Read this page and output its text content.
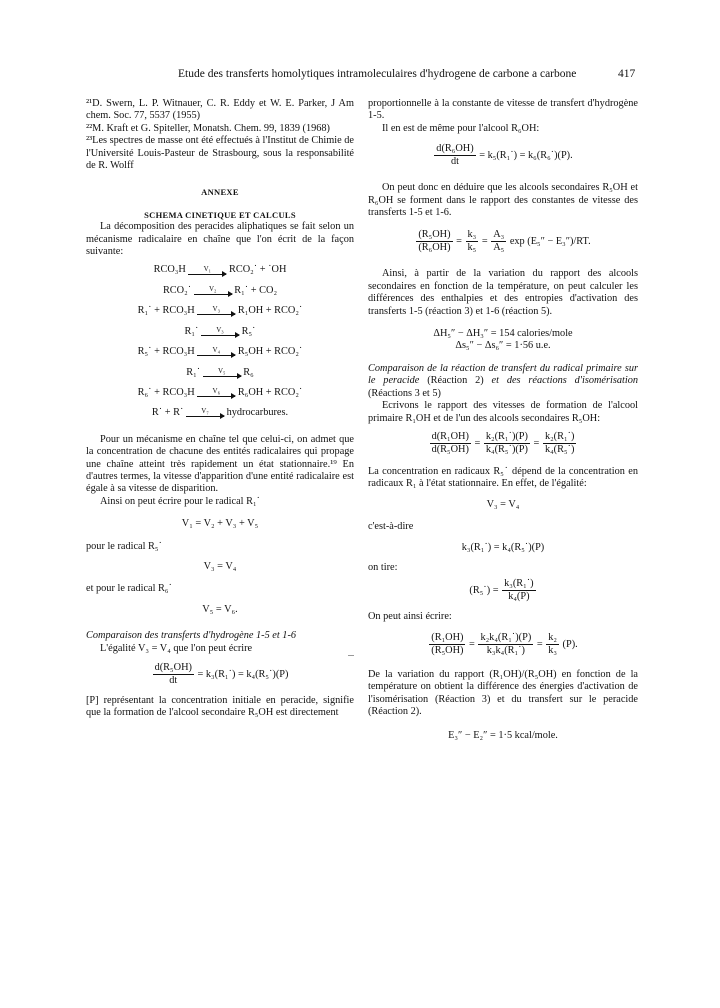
Etude des transferts homolytiques intramoleculaires d'hydrogene de carbone a carbone	417

²¹D. Swern, L. P. Witnauer, C. R. Eddy et W. E. Parker, J Am chem. Soc. 77, 5537 (1955)

²²M. Kraft et G. Spiteller, Monatsh. Chem. 99, 1839 (1968)

²³Les spectres de masse ont été effectués à l'Institut de Chimie de l'Université Louis-Pasteur de Strasbourg, sous la responsabilité de R. Wolff

ANNEXE

SCHEMA CINETIQUE ET CALCULS

La décomposition des peracides aliphatiques se fait selon un mécanisme radicalaire en chaîne que l'on écrit de la façon suivante:

RCO₃H	V₁	RCO₂˙ + ˙OH
RCO₂˙	V₂	R₁˙ + CO₂
R₁˙ + RCO₃H	V₃	R₁OH + RCO₂˙
R₁˙	V₃	R₅˙
R₅˙ + RCO₃H	V₄	R₅OH + RCO₂˙
R₁˙	V₅	R₆
R₆˙ + RCO₃H	V₆	R₆OH + RCO₂˙
R˙ + R˙	V₇	hydrocarbures.

Pour un mécanisme en chaîne tel que celui-ci, on admet que la concentration de chacune des entités radicalaires qui propage une chaîne atteint très rapidement un état stationnaire.¹⁹ En d'autres termes, la vitesse d'apparition d'une entité radicalaire est égale à sa vitesse de disparition.

Ainsi on peut écrire pour le radical R₁˙

V₁ = V₂ + V₃ + V₅

pour le radical R₅˙

V₃ = V₄

et pour le radical R₆˙

V₅ = V₆.

Comparaison des transferts d'hydrogène 1-5 et 1-6

L'égalité V₃ = V₄ que l'on peut écrire

$\frac{\text{d(R₅OH)}}{dt}$ = k₃(R₁˙) = k₄(R₅˙)(P)

[P] représentant la concentration initiale en peracide, signifie que la formation de l'alcool secondaire R₅OH est directement

proportionnelle à la constante de vitesse de transfert d'hydrogène 1-5.

Il en est de même pour l'alcool R₆OH:

$\frac{\text{d(R₆OH)}}{dt}$ = k₅(R₁˙) = k₆(R₆˙)(P).

On peut donc en déduire que les alcools secondaires R₅OH et R₆OH se forment dans le rapport des constantes de vitesse des transferts 1-5 et 1-6.

$\frac{\text{(R₅OH)}}{\text{(R₆OH)}} = \frac{\text{k₃}}{\text{k₅}} = \frac{\text{A₃}}{\text{A₅}}$ exp (E₅″ − E₃″)/RT.

Ainsi, à partir de la variation du rapport des alcools secondaires en fonction de la température, on peut calculer les différences des enthalpies et des entropies d'activation des transferts 1-5 (réaction 3) et 1-6 (réaction 5).

ΔH₅″ − ΔH₃″ = 154 calories/mole

Δs₅″ − Δs₆″ = 1·56 u.e.

Comparaison de la réaction de transfert du radical primaire sur le peracide (Réaction 2) et des réactions d'isomérisation (Réactions 3 et 5)

Ecrivons le rapport des vitesses de formation de l'alcool primaire R₁OH et de l'un des alcools secondaires R₅OH:

$\frac{\text{d(R₁OH)}}{\text{d(R₅OH)}} = \frac{\text{k₂(R₁˙)(P)}}{\text{k₄(R₅˙)(P)}} = \frac{\text{k₂(R₁˙)}}{\text{k₄(R₅˙)}}$

La concentration en radicaux R₅˙ dépend de la concentration en radicaux R₁ à l'état stationnaire. En effet, de l'égalité:

V₃ = V₄

c'est-à-dire

k₃(R₁˙) = k₄(R₅˙)(P)

on tire:

(R₅˙) = $\frac{\text{k₃(R₁˙)}}{\text{k₄(P)}}$

On peut ainsi écrire:

$\frac{\text{(R₁OH)}}{\text{(R₅OH)}} = \frac{\text{k₂k₄(R₁˙)(P)}}{\text{k₃k₄(R₁˙)}} = \frac{\text{k₂}}{\text{k₃}} (P)$.

De la variation du rapport (R₁OH)/(R₅OH) en fonction de la température on obtient la différence des énergies d'activation de l'isomérisation (Réaction 3) et du transfert sur le peracide (Réaction 2).

E₃″ − E₂″ = 1·5 kcal/mole.
